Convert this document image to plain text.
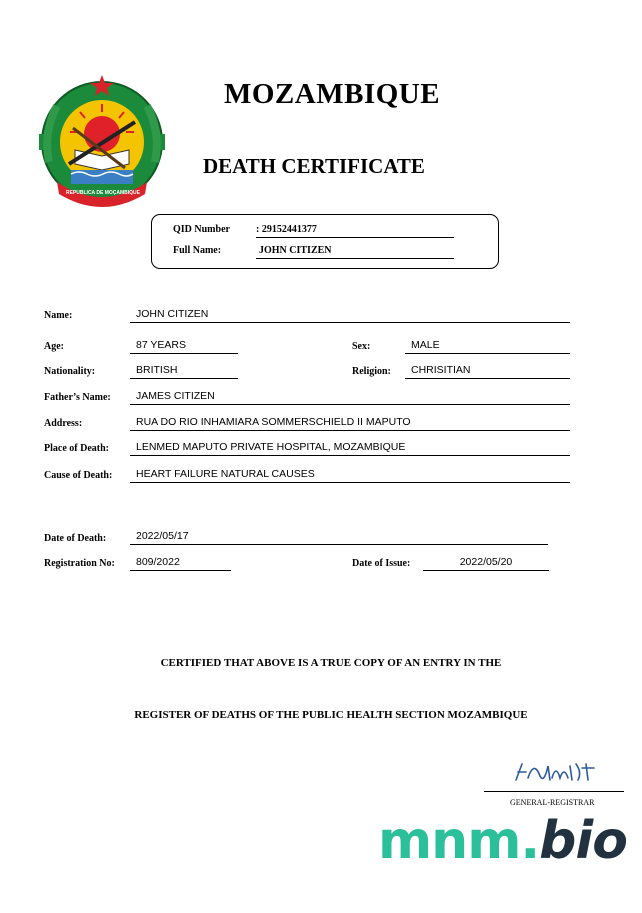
REPUBLICA DE MOÇAMBIQUE
MOZAMBIQUE
DEATH CERTIFICATE
QID Number	: 29152441377
Full Name:	JOHN CITIZEN
Name:	JOHN CITIZEN
Age:	87 YEARS	Sex:	MALE
Nationality:	BRITISH	Religion:	CHRISITIAN
Father’s Name:	JAMES CITIZEN
Address:	RUA DO RIO INHAMIARA SOMMERSCHIELD II MAPUTO
Place of Death:	LENMED MAPUTO PRIVATE HOSPITAL, MOZAMBIQUE
Cause of Death:	HEART FAILURE NATURAL CAUSES
Date of Death:	2022/05/17
Registration No:	809/2022	Date of Issue:	2022/05/20
CERTIFIED THAT ABOVE IS A TRUE COPY OF AN ENTRY IN THE
REGISTER OF DEATHS OF THE PUBLIC HEALTH SECTION MOZAMBIQUE
GENERAL-REGISTRAR
mnm.bio
